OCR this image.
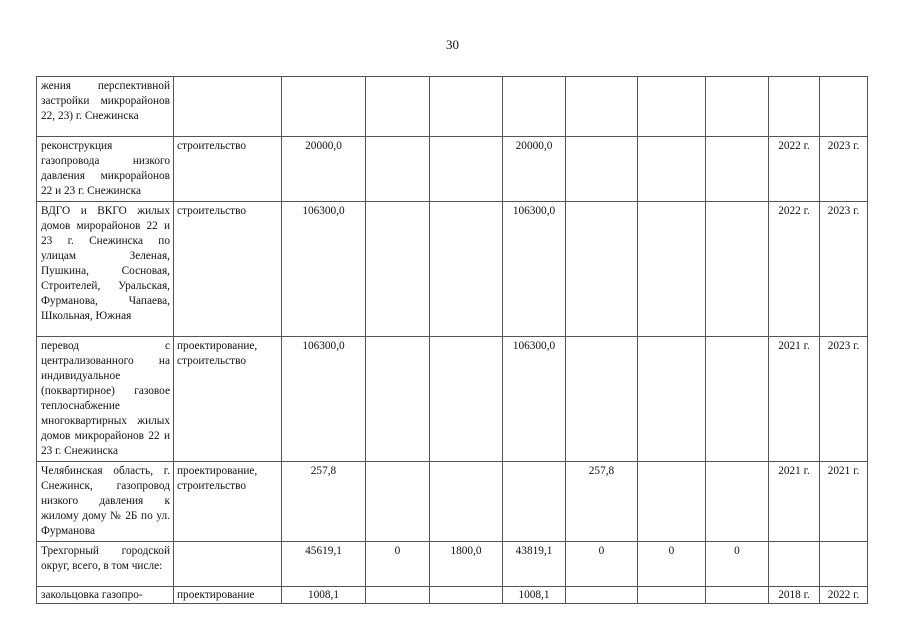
30
жения перспективной застройки микрорайонов 22, 23) г. Снежинска										
реконструкция газопровода низкого давления микрорайонов 22 и 23 г. Снежинска	строительство	20000,0			20000,0				2022 г.	2023 г.
ВДГО и ВКГО жилых домов мирорайонов 22 и 23 г. Снежинска по улицам Зеленая, Пушкина, Сосновая, Строителей, Уральская, Фурманова, Чапаева, Школьная, Южная	строительство	106300,0			106300,0				2022 г.	2023 г.
перевод с централизованного на индивидуальное (поквартирное) газовое теплоснабжение многоквартирных жилых домов микрорайонов 22 и 23 г. Снежинска	проектирование, строительство	106300,0			106300,0				2021 г.	2023 г.
Челябинская область, г. Снежинск, газопровод низкого давления к жилому дому № 2Б по ул. Фурманова	проектирование, строительство	257,8				257,8			2021 г.	2021 г.
Трехгорный городской округ, всего, в том числе:		45619,1	0	1800,0	43819,1	0	0	0		
закольцовка газопро-	проектирование	1008,1			1008,1				2018 г.	2022 г.
